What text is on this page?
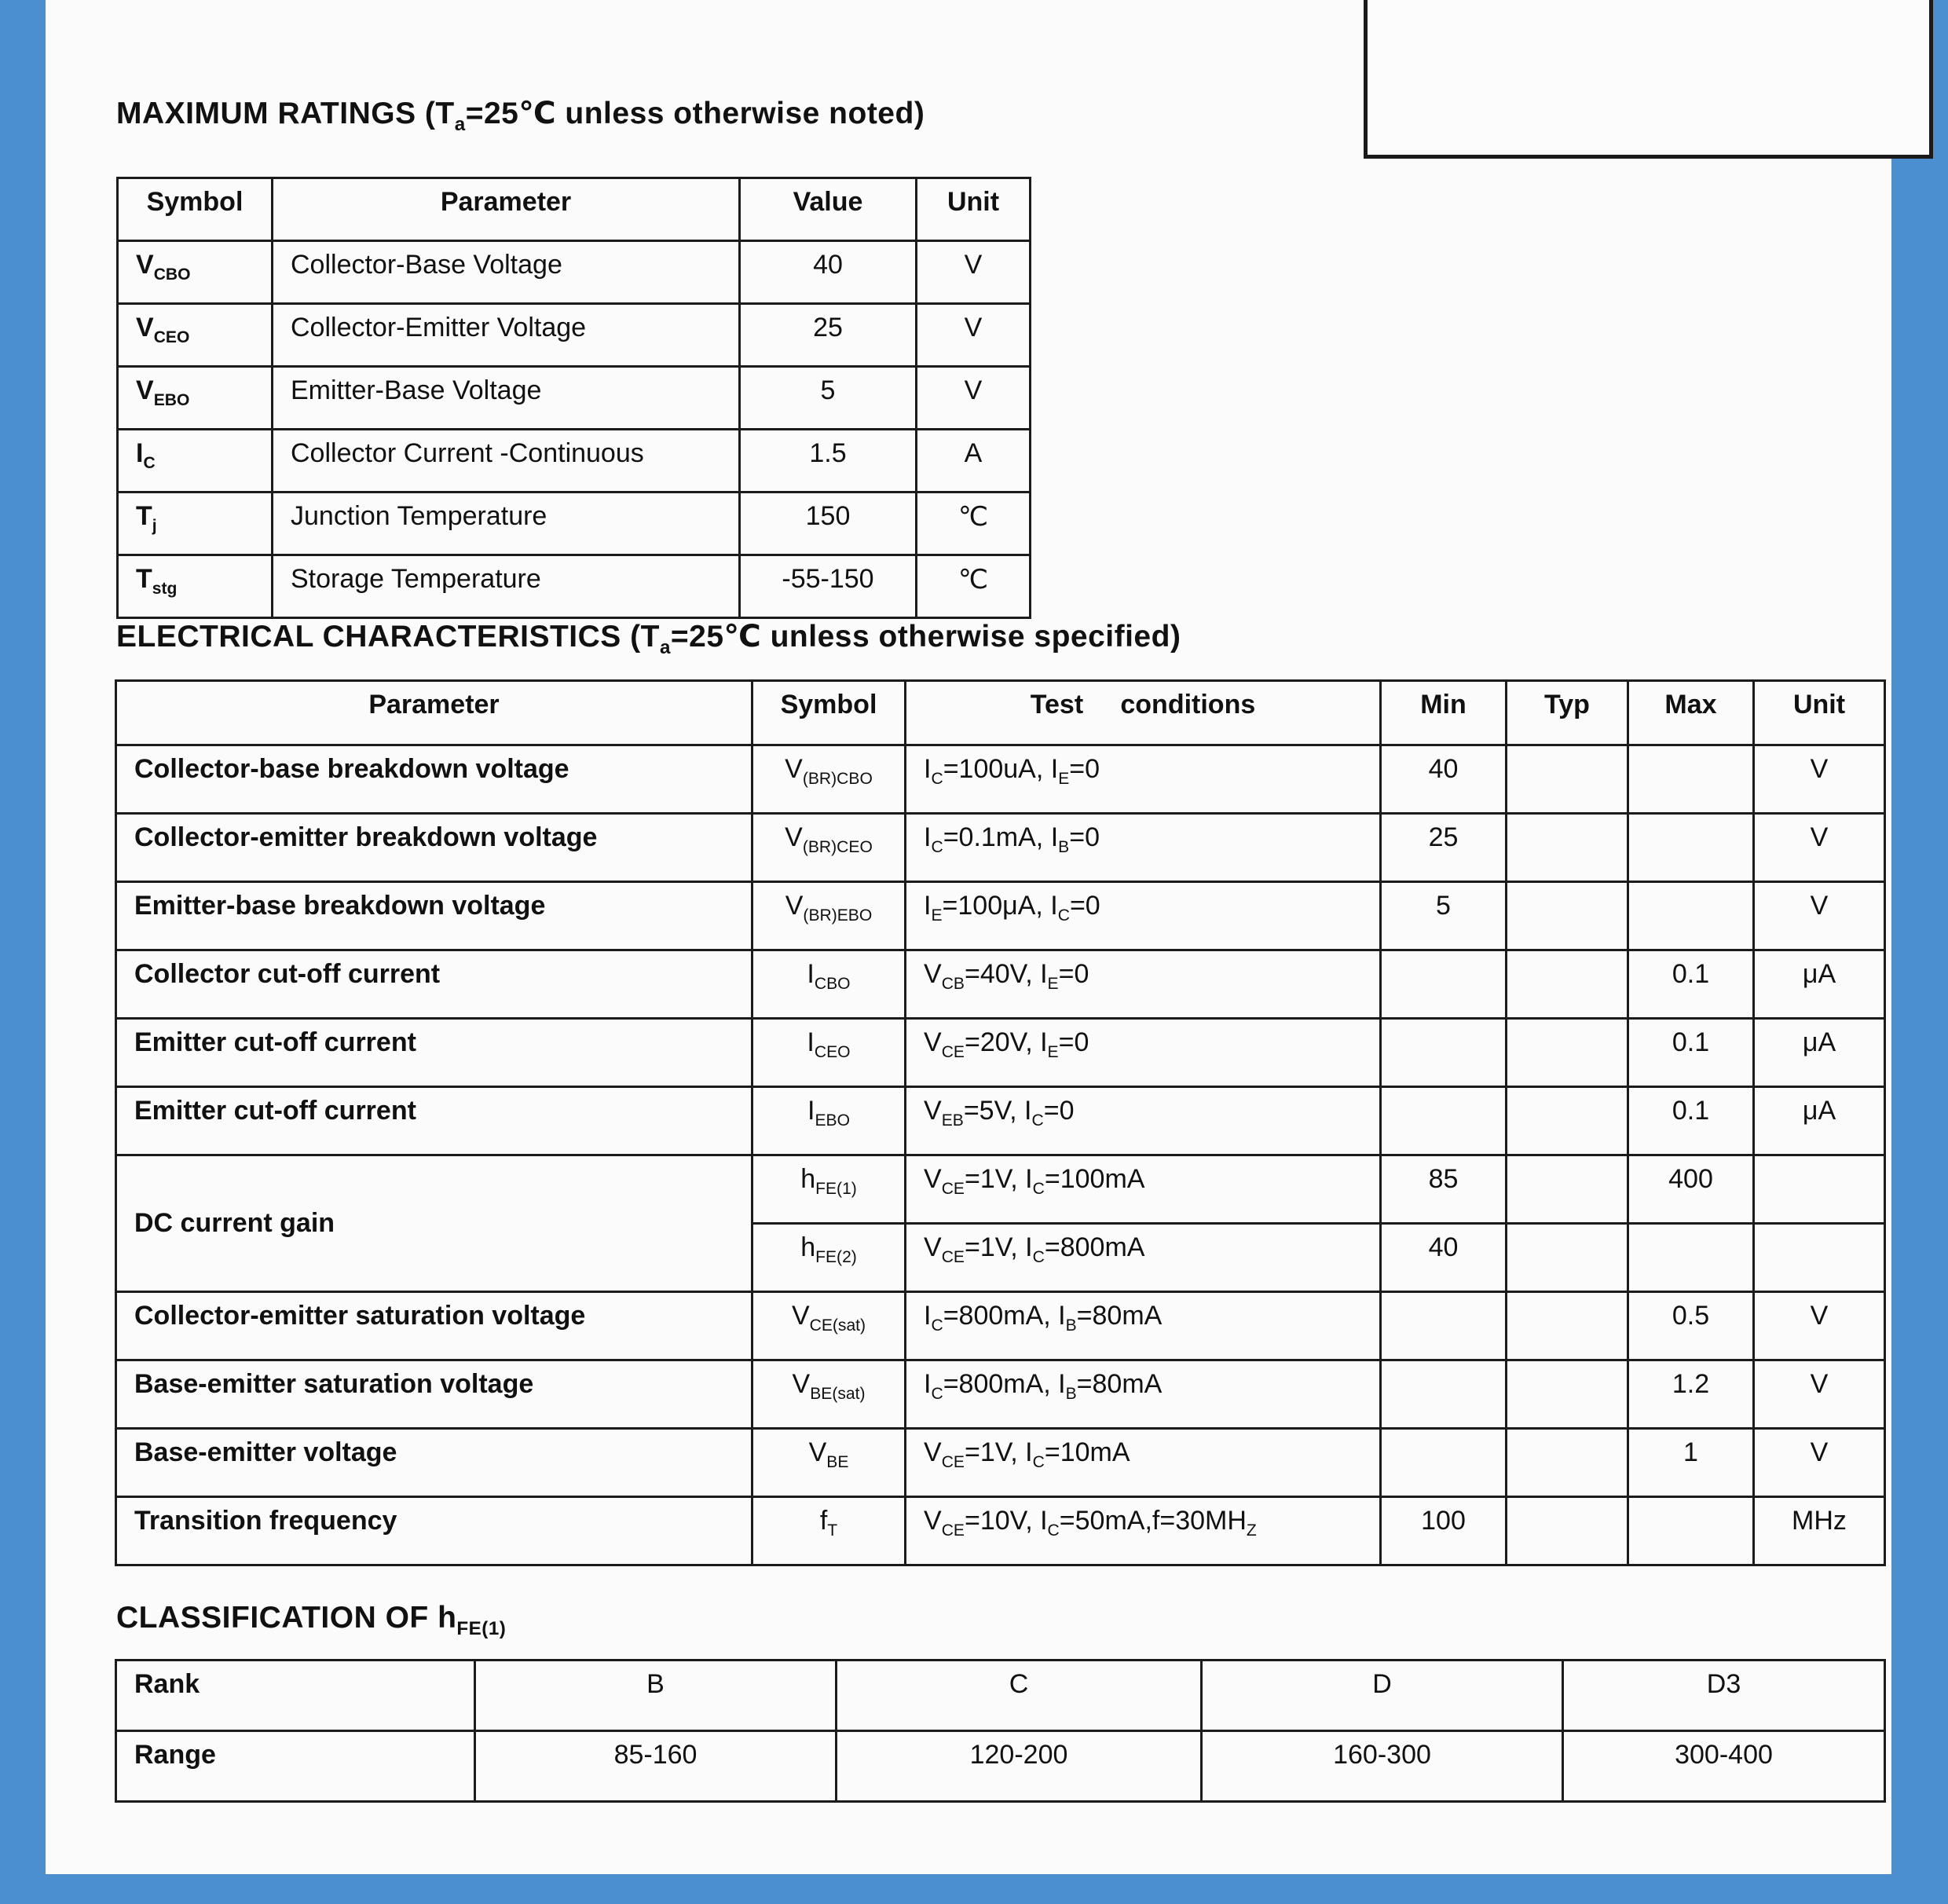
MAXIMUM RATINGS ($T_a=25℃$ unless otherwise noted)
Symbol	Parameter	Value	Unit
$V_{CBO}$	Collector-Base Voltage	40	V
$V_{CEO}$	Collector-Emitter Voltage	25	V
$V_{EBO}$	Emitter-Base Voltage	5	V
$I_C$	Collector Current -Continuous	1.5	A
$T_j$	Junction Temperature	150	℃
$T_{stg}$	Storage Temperature	-55-150	℃
ELECTRICAL CHARACTERISTICS ($T_a=25℃$ unless otherwise specified)
Parameter	Symbol	Test     conditions	Min	Typ	Max	Unit
Collector-base breakdown voltage	$V_{(BR)CBO}$	$I_C=100uA$, $I_E=0$	40			V
Collector-emitter breakdown voltage	$V_{(BR)CEO}$	$I_C=0.1mA$, $I_B=0$	25			V
Emitter-base breakdown voltage	$V_{(BR)EBO}$	$I_E=100\mu A$, $I_C=0$	5			V
Collector cut-off current	$I_{CBO}$	$V_{CB}=40V$, $I_E=0$			0.1	μA
Emitter cut-off current	$I_{CEO}$	$V_{CE}=20V$, $I_E=0$			0.1	μA
Emitter cut-off current	$I_{EBO}$	$V_{EB}=5V$, $I_C=0$			0.1	μA
DC current gain	$h_{FE(1)}$	$V_{CE}=1V$, $I_C=100mA$	85		400	
	$h_{FE(2)}$	$V_{CE}=1V$, $I_C=800mA$	40			
Collector-emitter saturation voltage	$V_{CE(sat)}$	$I_C=800mA$, $I_B=80mA$			0.5	V
Base-emitter saturation voltage	$V_{BE(sat)}$	$I_C=800mA$, $I_B=80mA$			1.2	V
Base-emitter voltage	$V_{BE}$	$V_{CE}=1V$, $I_C=10mA$			1	V
Transition frequency	$f_T$	$V_{CE}=10V$, $I_C=50mA,f=30MH_Z$	100			MHz
CLASSIFICATION OF $h_{FE(1)}$
Rank	B	C	D	D3
Range	85-160	120-200	160-300	300-400
